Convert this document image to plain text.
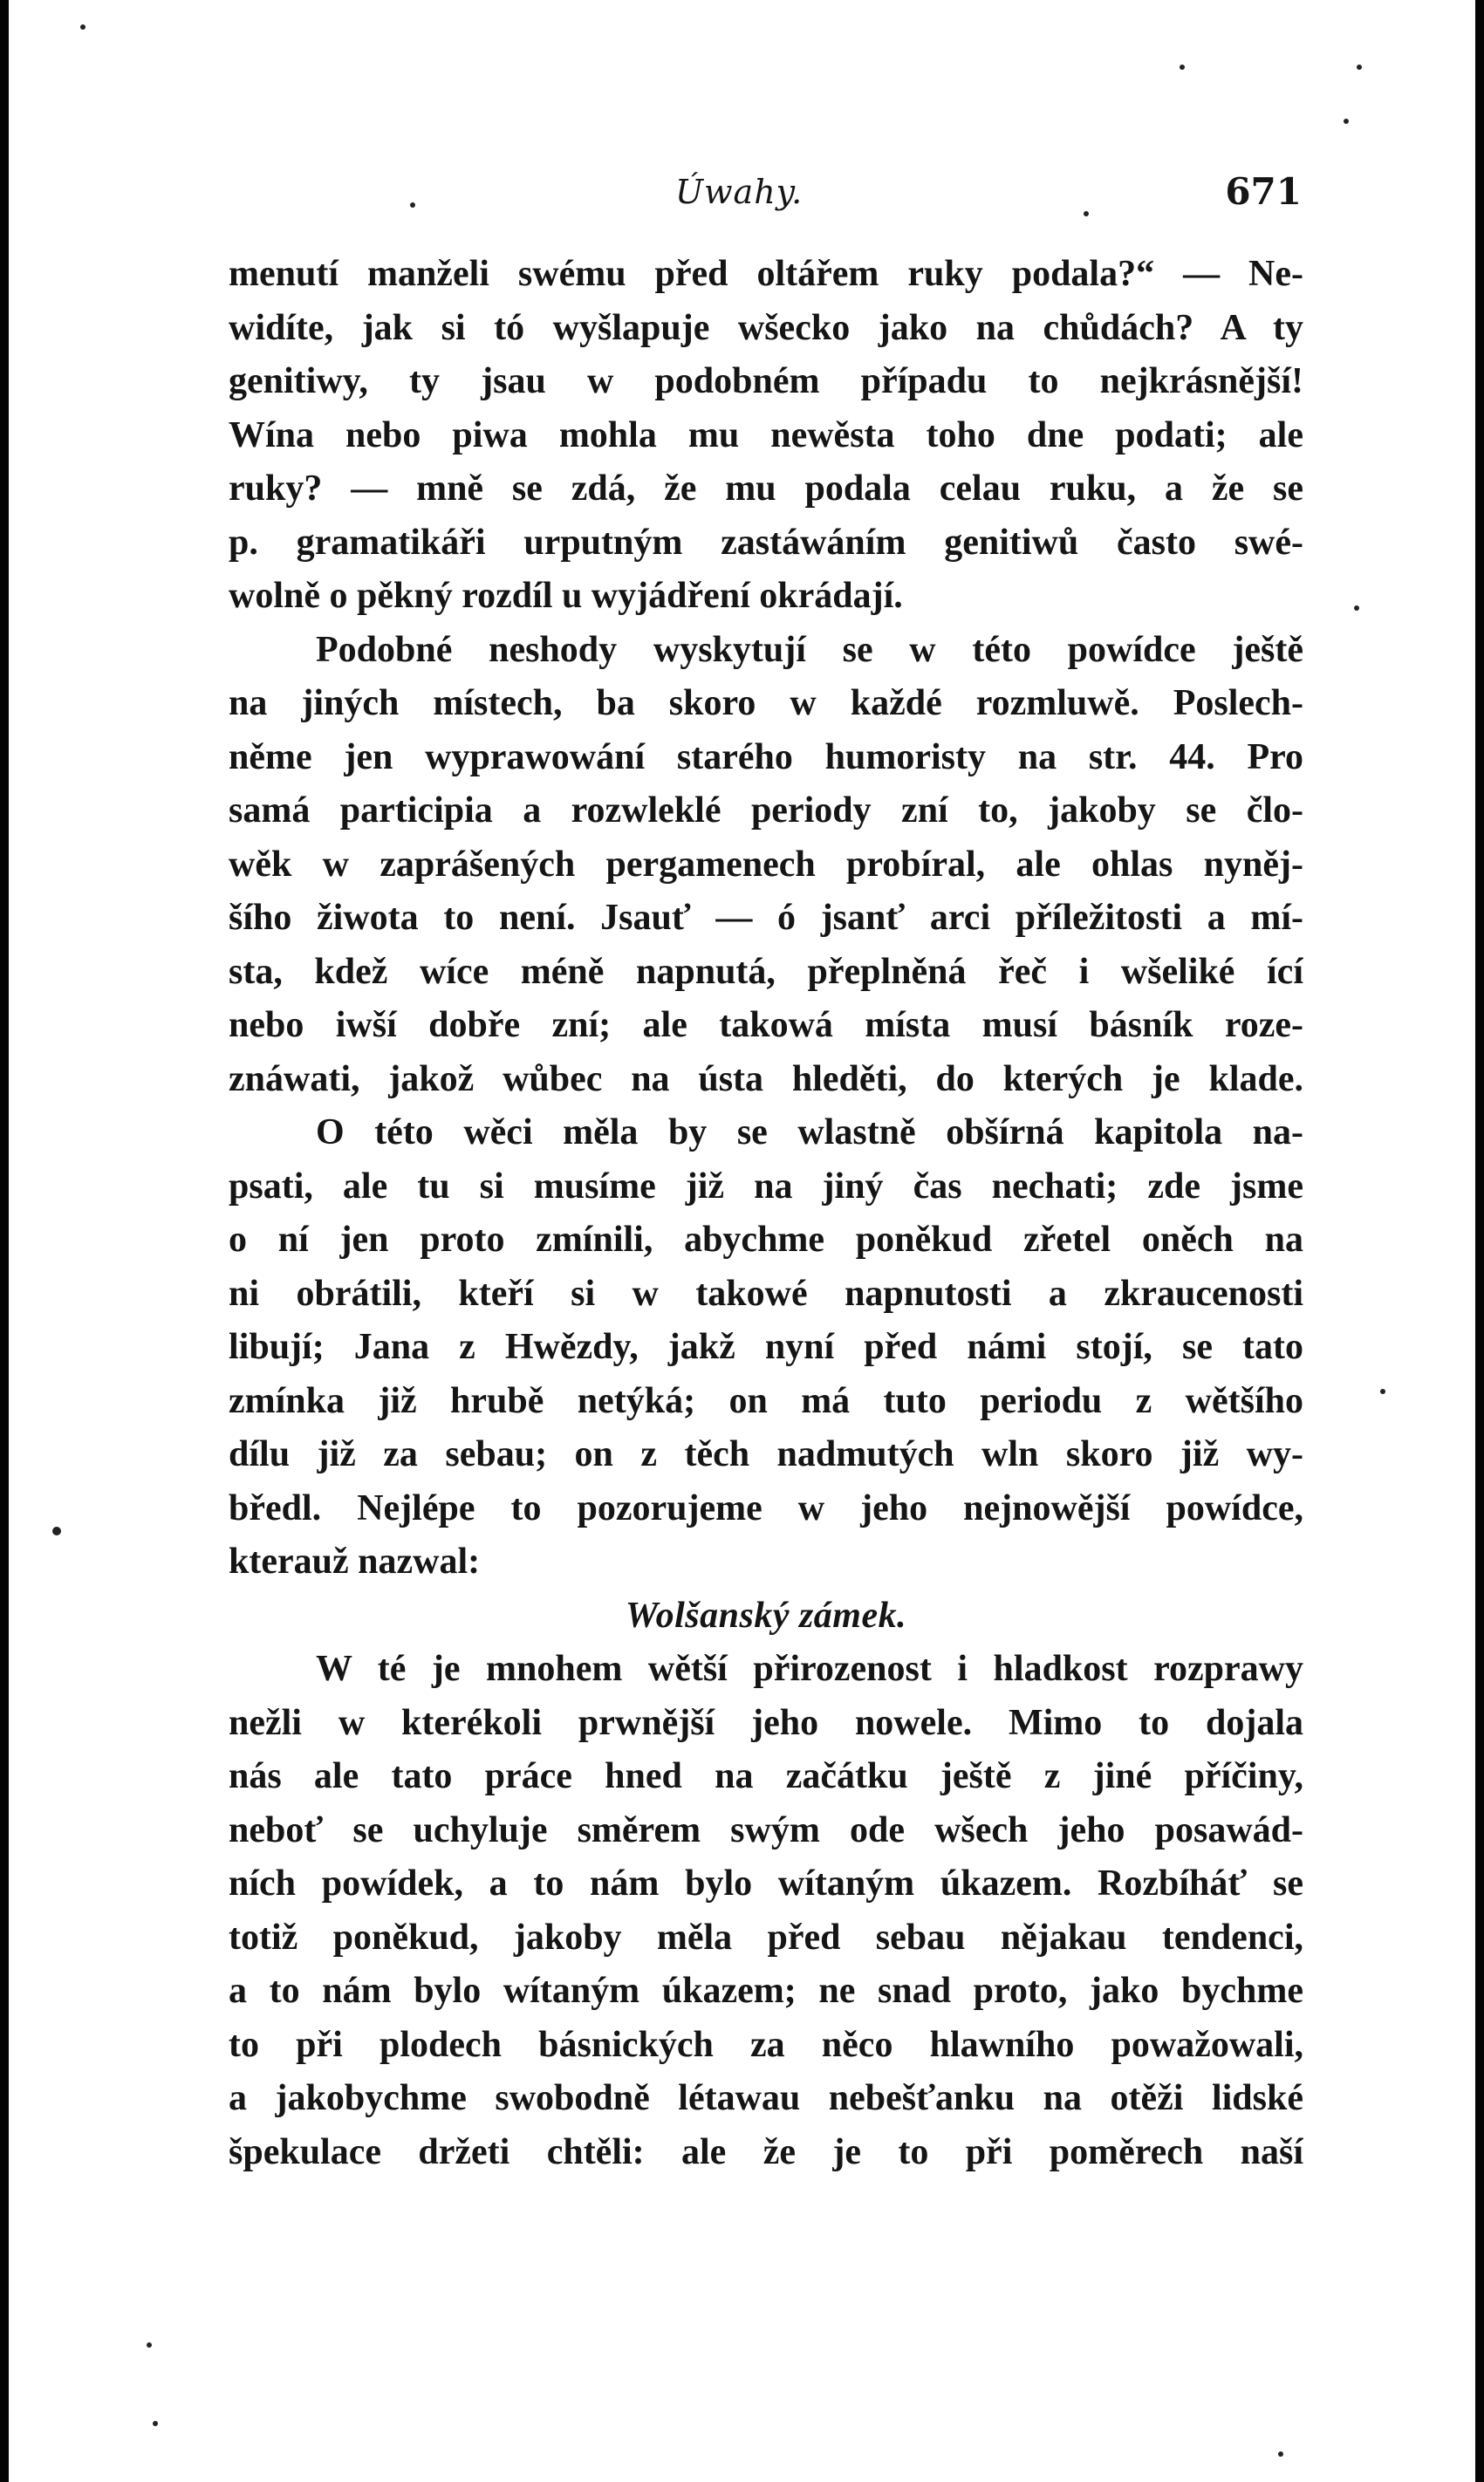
Úwahy.	671
menutí manželi swému před oltářem ruky podala?“ — Ne-
widíte, jak si tó wyšlapuje wšecko jako na chůdách? A ty
genitiwy, ty jsau w podobném případu to nejkrásnější!
Wína nebo piwa mohla mu newěsta toho dne podati; ale
ruky? — mně se zdá, že mu podala celau ruku, a že se
p. gramatikáři urputným zastáwáním genitiwů často swé-
wolně o pěkný rozdíl u wyjádření okrádají.
Podobné neshody wyskytují se w této powídce ještě
na jiných místech, ba skoro w každé rozmluwě. Poslech-
něme jen wyprawowání starého humoristy na str. 44. Pro
samá participia a rozwleklé periody zní to, jakoby se člo-
wěk w zaprášených pergamenech probíral, ale ohlas nyněj-
šího žiwota to není. Jsauť — ó jsanť arci příležitosti a mí-
sta, kdež wíce méně napnutá, přeplněná řeč i wšeliké ící
nebo iwší dobře zní; ale takowá místa musí básník roze-
znáwati, jakož wůbec na ústa hleděti, do kterých je klade.
O této wěci měla by se wlastně obšírná kapitola na-
psati, ale tu si musíme již na jiný čas nechati; zde jsme
o ní jen proto zmínili, abychme poněkud zřetel oněch na
ni obrátili, kteří si w takowé napnutosti a zkraucenosti
libují; Jana z Hwězdy, jakž nyní před námi stojí, se tato
zmínka již hrubě netýká; on má tuto periodu z wětšího
dílu již za sebau; on z těch nadmutých wln skoro již wy-
bředl. Nejlépe to pozorujeme w jeho nejnowější powídce,
kterauž nazwal:
Wolšanský zámek.
W té je mnohem wětší přirozenost i hladkost rozprawy
nežli w kterékoli prwnější jeho nowele. Mimo to dojala
nás ale tato práce hned na začátku ještě z jiné příčiny,
neboť se uchyluje směrem swým ode wšech jeho posawád-
ních powídek, a to nám bylo wítaným úkazem. Rozbíháť se
totiž poněkud, jakoby měla před sebau nějakau tendenci,
a to nám bylo wítaným úkazem; ne snad proto, jako bychme
to při plodech básnických za něco hlawního powažowali,
a jakobychme swobodně létawau nebešťanku na otěži lidské
špekulace držeti chtěli: ale že je to při poměrech naší
